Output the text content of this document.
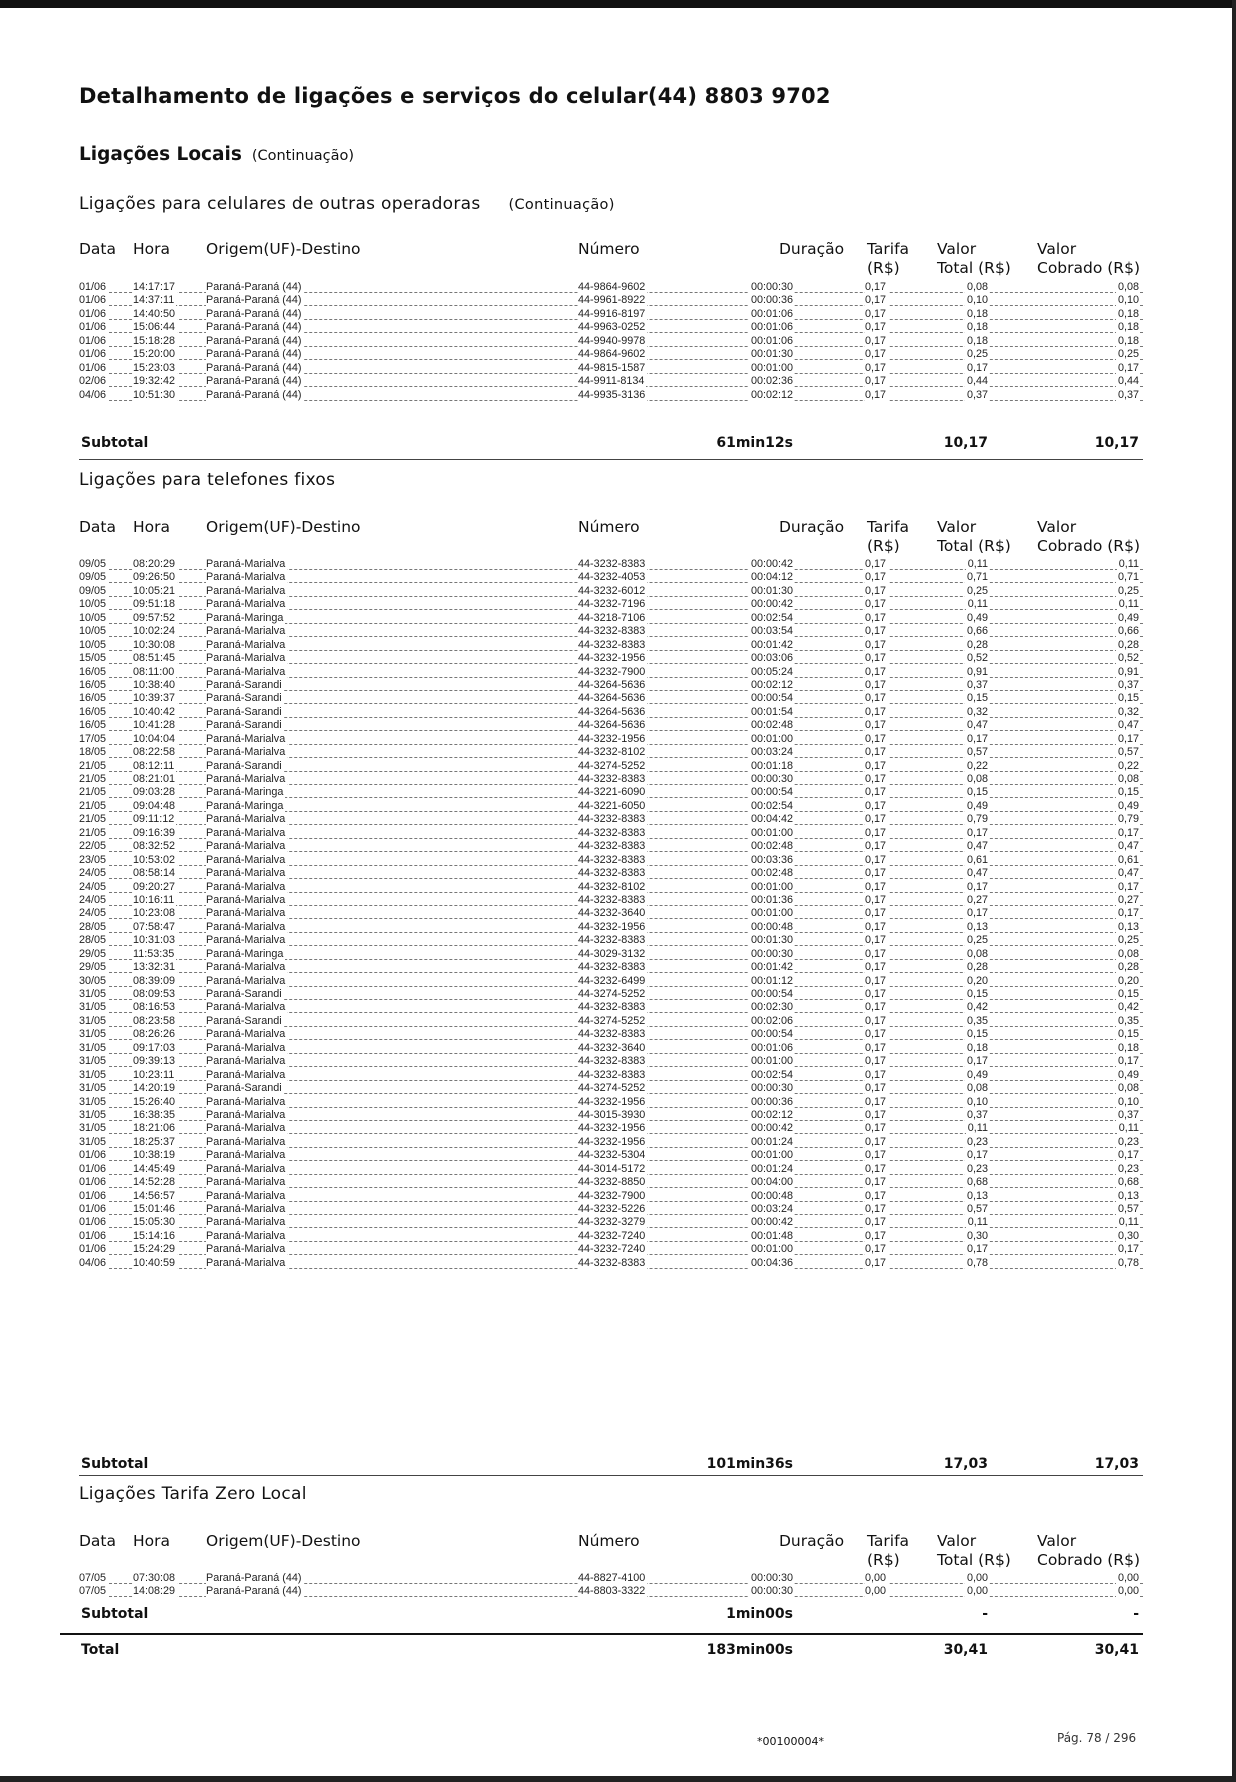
Detalhamento de ligações e serviços do celular(44) 8803 9702
Ligações Locais (Continuação)
Ligações para celulares de outras operadoras (Continuação)
Data Hora Origem(UF)-Destino	Número	Duração Tarifa
(R$)
Valor
Total (R$)
Valor
Cobrado (R$)
01/06 14:17:17	Paraná-Paraná (44)	44-9864-9602	00:00:30	0,17	0,08	0,08
01/06 14:37:11	Paraná-Paraná (44)	44-9961-8922	00:00:36	0,17	0,10	0,10
01/06 14:40:50	Paraná-Paraná (44)	44-9916-8197	00:01:06	0,17	0,18	0,18
01/06 15:06:44	Paraná-Paraná (44)	44-9963-0252	00:01:06	0,17	0,18	0,18
01/06 15:18:28	Paraná-Paraná (44)	44-9940-9978	00:01:06	0,17	0,18	0,18
01/06 15:20:00	Paraná-Paraná (44)	44-9864-9602	00:01:30	0,17	0,25	0,25
01/06 15:23:03	Paraná-Paraná (44)	44-9815-1587	00:01:00	0,17	0,17	0,17
02/06 19:32:42	Paraná-Paraná (44)	44-9911-8134	00:02:36	0,17	0,44	0,44
04/06 10:51:30	Paraná-Paraná (44)	44-9935-3136	00:02:12	0,17	0,37	0,37
Subtotal	61min12s	10,17	10,17
Ligações para telefones fixos
Data Hora Origem(UF)-Destino	Número	Duração Tarifa
(R$)
Valor
Total (R$)
Valor
Cobrado (R$)
09/05 08:20:29	Paraná-Marialva	44-3232-8383	00:00:42	0,17	0,11	0,11
09/05 09:26:50	Paraná-Marialva	44-3232-4053	00:04:12	0,17	0,71	0,71
09/05 10:05:21	Paraná-Marialva	44-3232-6012	00:01:30	0,17	0,25	0,25
10/05 09:51:18	Paraná-Marialva	44-3232-7196	00:00:42	0,17	0,11	0,11
10/05 09:57:52	Paraná-Maringa	44-3218-7106	00:02:54	0,17	0,49	0,49
10/05 10:02:24	Paraná-Marialva	44-3232-8383	00:03:54	0,17	0,66	0,66
10/05 10:30:08	Paraná-Marialva	44-3232-8383	00:01:42	0,17	0,28	0,28
15/05 08:51:45	Paraná-Marialva	44-3232-1956	00:03:06	0,17	0,52	0,52
16/05 08:11:00	Paraná-Marialva	44-3232-7900	00:05:24	0,17	0,91	0,91
16/05 10:38:40	Paraná-Sarandi	44-3264-5636	00:02:12	0,17	0,37	0,37
16/05 10:39:37	Paraná-Sarandi	44-3264-5636	00:00:54	0,17	0,15	0,15
16/05 10:40:42	Paraná-Sarandi	44-3264-5636	00:01:54	0,17	0,32	0,32
16/05 10:41:28	Paraná-Sarandi	44-3264-5636	00:02:48	0,17	0,47	0,47
17/05 10:04:04	Paraná-Marialva	44-3232-1956	00:01:00	0,17	0,17	0,17
18/05 08:22:58	Paraná-Marialva	44-3232-8102	00:03:24	0,17	0,57	0,57
21/05 08:12:11	Paraná-Sarandi	44-3274-5252	00:01:18	0,17	0,22	0,22
21/05 08:21:01	Paraná-Marialva	44-3232-8383	00:00:30	0,17	0,08	0,08
21/05 09:03:28	Paraná-Maringa	44-3221-6090	00:00:54	0,17	0,15	0,15
21/05 09:04:48	Paraná-Maringa	44-3221-6050	00:02:54	0,17	0,49	0,49
21/05 09:11:12	Paraná-Marialva	44-3232-8383	00:04:42	0,17	0,79	0,79
21/05 09:16:39	Paraná-Marialva	44-3232-8383	00:01:00	0,17	0,17	0,17
22/05 08:32:52	Paraná-Marialva	44-3232-8383	00:02:48	0,17	0,47	0,47
23/05 10:53:02	Paraná-Marialva	44-3232-8383	00:03:36	0,17	0,61	0,61
24/05 08:58:14	Paraná-Marialva	44-3232-8383	00:02:48	0,17	0,47	0,47
24/05 09:20:27	Paraná-Marialva	44-3232-8102	00:01:00	0,17	0,17	0,17
24/05 10:16:11	Paraná-Marialva	44-3232-8383	00:01:36	0,17	0,27	0,27
24/05 10:23:08	Paraná-Marialva	44-3232-3640	00:01:00	0,17	0,17	0,17
28/05 07:58:47	Paraná-Marialva	44-3232-1956	00:00:48	0,17	0,13	0,13
28/05 10:31:03	Paraná-Marialva	44-3232-8383	00:01:30	0,17	0,25	0,25
29/05 11:53:35	Paraná-Maringa	44-3029-3132	00:00:30	0,17	0,08	0,08
29/05 13:32:31	Paraná-Marialva	44-3232-8383	00:01:42	0,17	0,28	0,28
30/05 08:39:09	Paraná-Marialva	44-3232-6499	00:01:12	0,17	0,20	0,20
31/05 08:09:53	Paraná-Sarandi	44-3274-5252	00:00:54	0,17	0,15	0,15
31/05 08:16:53	Paraná-Marialva	44-3232-8383	00:02:30	0,17	0,42	0,42
31/05 08:23:58	Paraná-Sarandi	44-3274-5252	00:02:06	0,17	0,35	0,35
31/05 08:26:26	Paraná-Marialva	44-3232-8383	00:00:54	0,17	0,15	0,15
31/05 09:17:03	Paraná-Marialva	44-3232-3640	00:01:06	0,17	0,18	0,18
31/05 09:39:13	Paraná-Marialva	44-3232-8383	00:01:00	0,17	0,17	0,17
31/05 10:23:11	Paraná-Marialva	44-3232-8383	00:02:54	0,17	0,49	0,49
31/05 14:20:19	Paraná-Sarandi	44-3274-5252	00:00:30	0,17	0,08	0,08
31/05 15:26:40	Paraná-Marialva	44-3232-1956	00:00:36	0,17	0,10	0,10
31/05 16:38:35	Paraná-Marialva	44-3015-3930	00:02:12	0,17	0,37	0,37
31/05 18:21:06	Paraná-Marialva	44-3232-1956	00:00:42	0,17	0,11	0,11
31/05 18:25:37	Paraná-Marialva	44-3232-1956	00:01:24	0,17	0,23	0,23
01/06 10:38:19	Paraná-Marialva	44-3232-5304	00:01:00	0,17	0,17	0,17
01/06 14:45:49	Paraná-Marialva	44-3014-5172	00:01:24	0,17	0,23	0,23
01/06 14:52:28	Paraná-Marialva	44-3232-8850	00:04:00	0,17	0,68	0,68
01/06 14:56:57	Paraná-Marialva	44-3232-7900	00:00:48	0,17	0,13	0,13
01/06 15:01:46	Paraná-Marialva	44-3232-5226	00:03:24	0,17	0,57	0,57
01/06 15:05:30	Paraná-Marialva	44-3232-3279	00:00:42	0,17	0,11	0,11
01/06 15:14:16	Paraná-Marialva	44-3232-7240	00:01:48	0,17	0,30	0,30
01/06 15:24:29	Paraná-Marialva	44-3232-7240	00:01:00	0,17	0,17	0,17
04/06 10:40:59	Paraná-Marialva	44-3232-8383	00:04:36	0,17	0,78	0,78
Subtotal	101min36s	17,03	17,03
Ligações Tarifa Zero Local
Data Hora Origem(UF)-Destino	Número	Duração Tarifa
(R$)
Valor
Total (R$)
Valor
Cobrado (R$)
07/05 07:30:08	Paraná-Paraná (44)	44-8827-4100	00:00:30	0,00	0,00	0,00
07/05 14:08:29	Paraná-Paraná (44)	44-8803-3322	00:00:30	0,00	0,00	0,00
Subtotal	1min00s	-	-
Total	183min00s	30,41	30,41
*00100004*	Pág. 78 / 296
